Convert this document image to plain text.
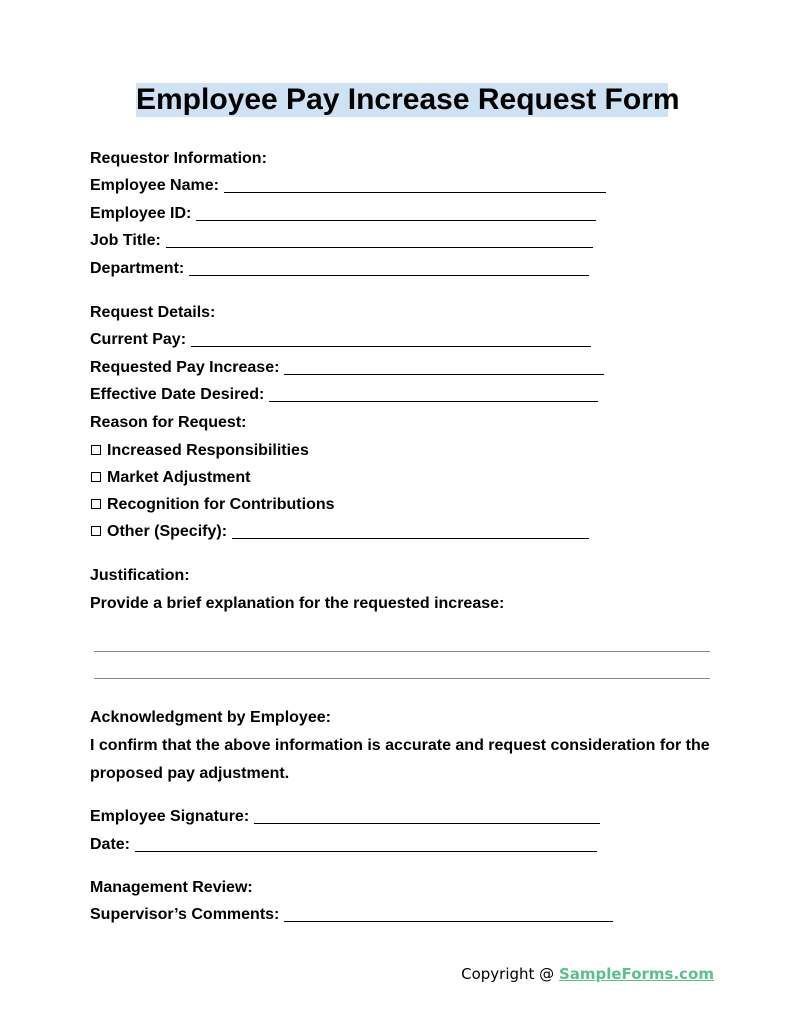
Employee Pay Increase Request Form
Requestor Information:
Employee Name:
Employee ID:
Job Title:
Department:
Request Details:
Current Pay:
Requested Pay Increase:
Effective Date Desired:
Reason for Request:
Increased Responsibilities
Market Adjustment
Recognition for Contributions
Other (Specify):
Justification:
Provide a brief explanation for the requested increase:
Acknowledgment by Employee:
I confirm that the above information is accurate and request consideration for the
proposed pay adjustment.
Employee Signature:
Date:
Management Review:
Supervisor’s Comments:
Copyright @ SampleForms.com
